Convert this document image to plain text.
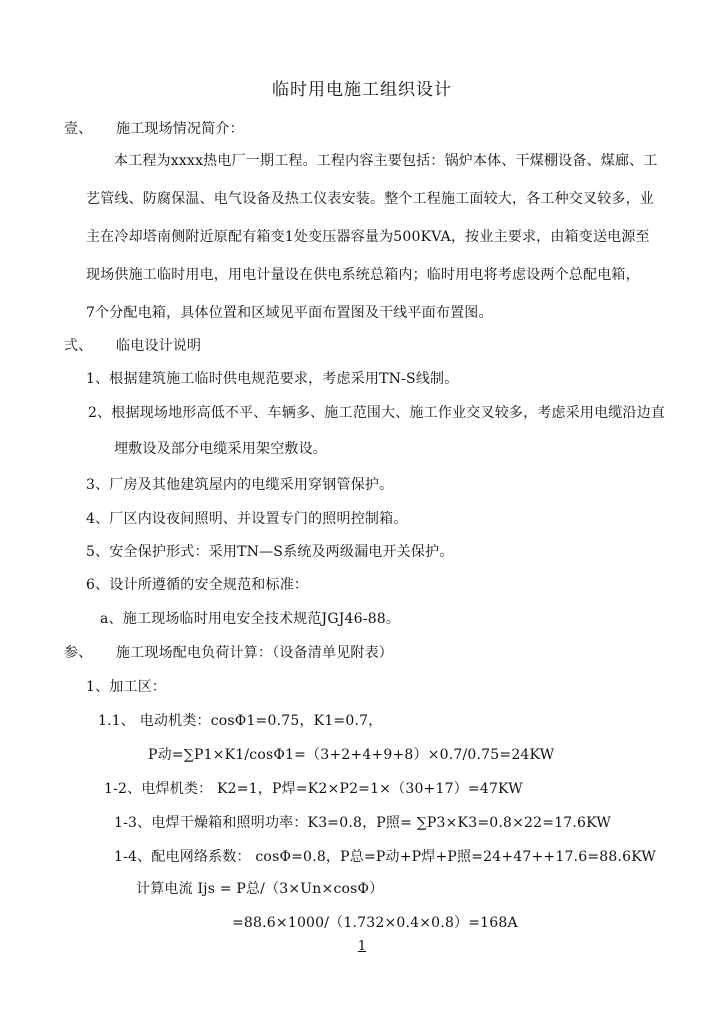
临时用电施工组织设计
壹、 施工现场情况简介：
本工程为xxxx热电厂一期工程。工程内容主要包括：锅炉本体、干煤棚设备、煤廊、工
艺管线、防腐保温、电气设备及热工仪表安装。整个工程施工面较大，各工种交叉较多，业
主在冷却塔南侧附近原配有箱变1处变压器容量为500KVA，按业主要求，由箱变送电源至
现场供施工临时用电，用电计量设在供电系统总箱内；临时用电将考虑设两个总配电箱，
7个分配电箱，具体位置和区域见平面布置图及干线平面布置图。
弍、 临电设计说明
1、根据建筑施工临时供电规范要求，考虑采用TN-S线制。
2、根据现场地形高低不平、车辆多、施工范围大、施工作业交叉较多，考虑采用电缆沿边直
埋敷设及部分电缆采用架空敷设。
3、厂房及其他建筑屋内的电缆采用穿钢管保护。
4、厂区内设夜间照明、并设置专门的照明控制箱。
5、安全保护形式：采用TN—S系统及两级漏电开关保护。
6、设计所遵循的安全规范和标准：
a、施工现场临时用电安全技术规范JGJ46-88。
参、 施工现场配电负荷计算：（设备清单见附表）
1、加工区：
1.1、 电动机类：cosΦ1=0.75，K1=0.7，
P动=∑P1×K1/cosΦ1=（3+2+4+9+8）×0.7/0.75=24KW
1-2、电焊机类： K2=1，P焊=K2×P2=1×（30+17）=47KW
1-3、电焊干燥箱和照明功率：K3=0.8，P照= ∑P3×K3=0.8×22=17.6KW
1-4、配电网络系数： cosΦ=0.8，P总=P动+P焊+P照=24+47++17.6=88.6KW
计算电流 Ijs = P总/（3×Un×cosΦ）
=88.6×1000/（1.732×0.4×0.8）=168A
1
